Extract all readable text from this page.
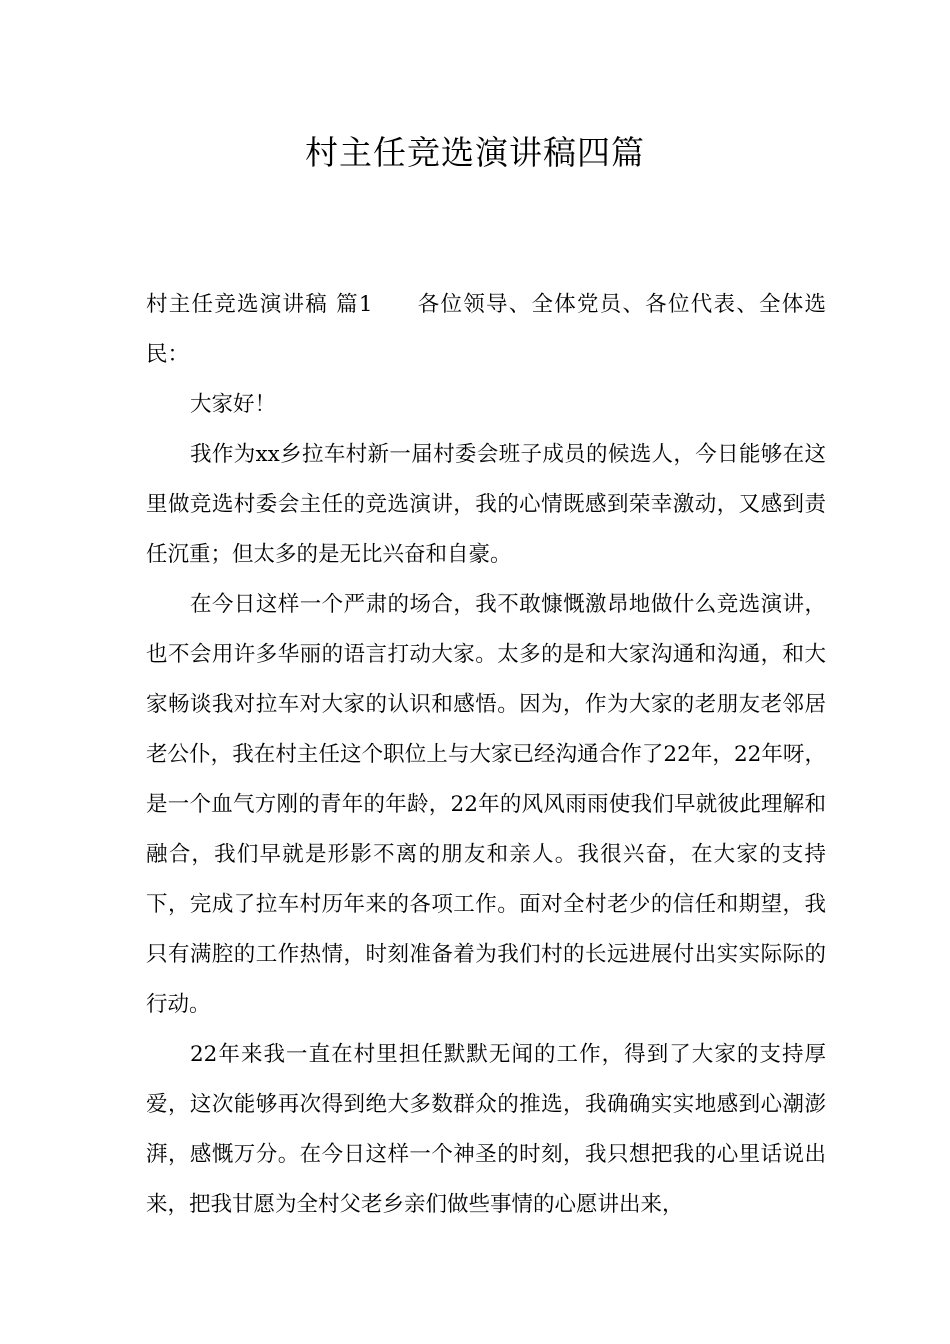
村主任竞选演讲稿四篇

村主任竞选演讲稿 篇1 各位领导、全体党员、各位代表、全体选民：

大家好！

我作为xx乡拉车村新一届村委会班子成员的候选人，今日能够在这里做竞选村委会主任的竞选演讲，我的心情既感到荣幸激动，又感到责任沉重；但太多的是无比兴奋和自豪。

在今日这样一个严肃的场合，我不敢慷慨激昂地做什么竞选演讲，也不会用许多华丽的语言打动大家。太多的是和大家沟通和沟通，和大家畅谈我对拉车对大家的认识和感悟。因为，作为大家的老朋友老邻居老公仆，我在村主任这个职位上与大家已经沟通合作了22年，22年呀，是一个血气方刚的青年的年龄，22年的风风雨雨使我们早就彼此理解和融合，我们早就是形影不离的朋友和亲人。我很兴奋，在大家的支持下，完成了拉车村历年来的各项工作。面对全村老少的信任和期望，我只有满腔的工作热情，时刻准备着为我们村的长远进展付出实实际际的行动。

22年来我一直在村里担任默默无闻的工作，得到了大家的支持厚爱，这次能够再次得到绝大多数群众的推选，我确确实实地感到心潮澎湃，感慨万分。在今日这样一个神圣的时刻，我只想把我的心里话说出来，把我甘愿为全村父老乡亲们做些事情的心愿讲出来，
